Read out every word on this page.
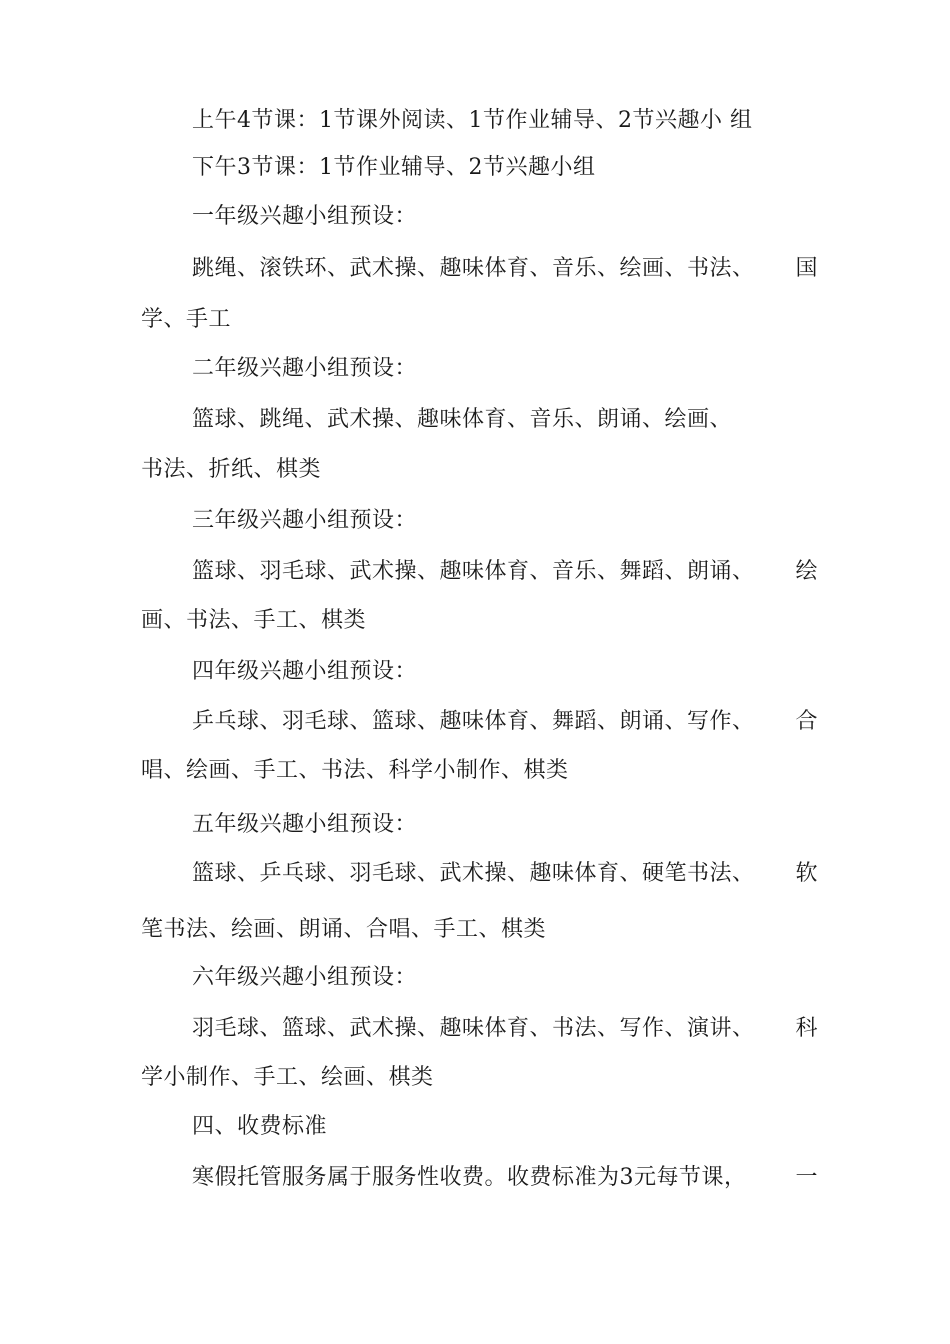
上午4节课：1节课外阅读、1节作业辅导、2节兴趣小 组
下午3节课：1节作业辅导、2节兴趣小组
一年级兴趣小组预设：
跳绳、滚铁环、武术操、趣味体育、音乐、绘画、书法、 国
学、手工
二年级兴趣小组预设：
篮球、跳绳、武术操、趣味体育、音乐、朗诵、绘画、
书法、折纸、棋类
三年级兴趣小组预设：
篮球、羽毛球、武术操、趣味体育、音乐、舞蹈、朗诵、 绘
画、书法、手工、棋类
四年级兴趣小组预设：
乒乓球、羽毛球、篮球、趣味体育、舞蹈、朗诵、写作、 合
唱、绘画、手工、书法、科学小制作、棋类
五年级兴趣小组预设：
篮球、乒乓球、羽毛球、武术操、趣味体育、硬笔书法、 软
笔书法、绘画、朗诵、合唱、手工、棋类
六年级兴趣小组预设：
羽毛球、篮球、武术操、趣味体育、书法、写作、演讲、 科
学小制作、手工、绘画、棋类
四、收费标准
寒假托管服务属于服务性收费。收费标准为3元每节课， 一
